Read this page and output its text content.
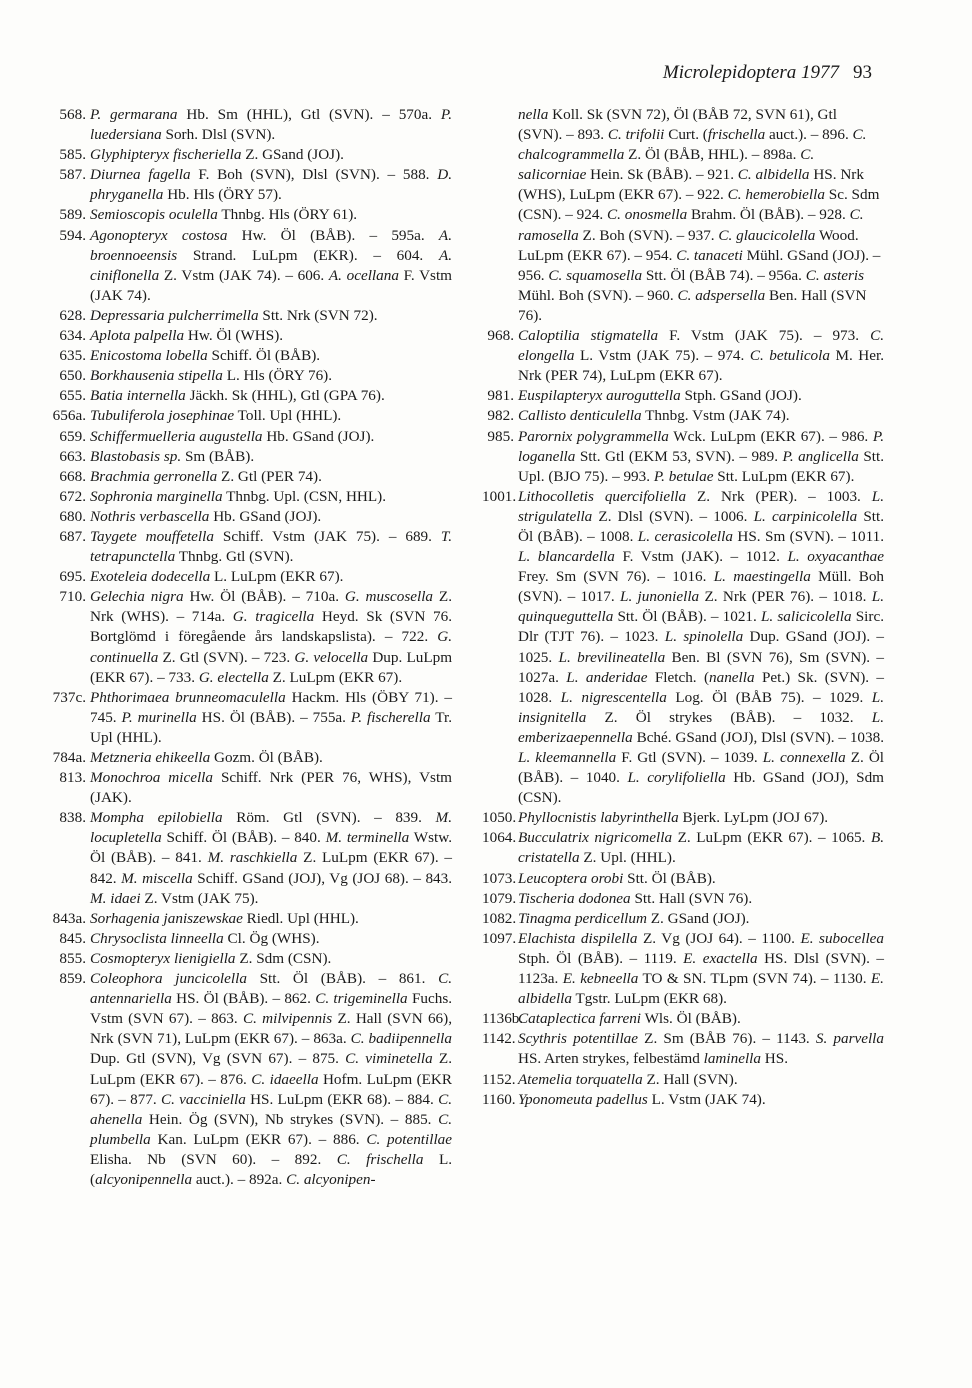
Microlepidoptera 1977 93
568. P. germarana Hb. Sm (HHL), Gtl (SVN). – 570a. P. luedersiana Sorh. Dlsl (SVN).
585. Glyphipteryx fischeriella Z. GSand (JOJ).
587. Diurnea fagella F. Boh (SVN), Dlsl (SVN). – 588. D. phryganella Hb. Hls (ÖRY 57).
589. Semioscopis oculella Thnbg. Hls (ÖRY 61).
594. Agonopteryx costosa Hw. Öl (BÅB). – 595a. A. broennoeensis Strand. LuLpm (EKR). – 604. A. ciniflonella Z. Vstm (JAK 74). – 606. A. ocellana F. Vstm (JAK 74).
628. Depressaria pulcherrimella Stt. Nrk (SVN 72).
634. Aplota palpella Hw. Öl (WHS).
635. Enicostoma lobella Schiff. Öl (BÅB).
650. Borkhausenia stipella L. Hls (ÖRY 76).
655. Batia internella Jäckh. Sk (HHL), Gtl (GPA 76).
656a. Tubuliferola josephinae Toll. Upl (HHL).
659. Schiffermuelleria augustella Hb. GSand (JOJ).
663. Blastobasis sp. Sm (BÅB).
668. Brachmia gerronella Z. Gtl (PER 74).
672. Sophronia marginella Thnbg. Upl. (CSN, HHL).
680. Nothris verbascella Hb. GSand (JOJ).
687. Taygete mouffetella Schiff. Vstm (JAK 75). – 689. T. tetrapunctella Thnbg. Gtl (SVN).
695. Exoteleia dodecella L. LuLpm (EKR 67).
710. Gelechia nigra Hw. Öl (BÅB). – 710a. G. muscosella Z. Nrk (WHS). – 714a. G. tragicella Heyd. Sk (SVN 76. Bortglömd i föregående års landskapslista). – 722. G. continuella Z. Gtl (SVN). – 723. G. velocella Dup. LuLpm (EKR 67). – 733. G. electella Z. LuLpm (EKR 67).
737c. Phthorimaea brunneomaculella Hackm. Hls (ÖBY 71). – 745. P. murinella HS. Öl (BÅB). – 755a. P. fischerella Tr. Upl (HHL).
784a. Metzneria ehikeella Gozm. Öl (BÅB).
813. Monochroa micella Schiff. Nrk (PER 76, WHS), Vstm (JAK).
838. Mompha epilobiella Röm. Gtl (SVN). – 839. M. locupletella Schiff. Öl (BÅB). – 840. M. terminella Wstw. Öl (BÅB). – 841. M. raschkiella Z. LuLpm (EKR 67). – 842. M. miscella Schiff. GSand (JOJ), Vg (JOJ 68). – 843. M. idaei Z. Vstm (JAK 75).
843a. Sorhagenia janiszewskae Riedl. Upl (HHL).
845. Chrysoclista linneella Cl. Ög (WHS).
855. Cosmopteryx lienigiella Z. Sdm (CSN).
859. Coleophora juncicolella Stt. Öl (BÅB). – 861. C. antennariella HS. Öl (BÅB). – 862. C. trigeminella Fuchs. Vstm (SVN 67). – 863. C. milvipennis Z. Hall (SVN 66), Nrk (SVN 71), LuLpm (EKR 67). – 863a. C. badiipennella Dup. Gtl (SVN), Vg (SVN 67). – 875. C. viminetella Z. LuLpm (EKR 67). – 876. C. idaeella Hofm. LuLpm (EKR 67). – 877. C. vacciniella HS. LuLpm (EKR 68). – 884. C. ahenella Hein. Ög (SVN), Nb strykes (SVN). – 885. C. plumbella Kan. LuLpm (EKR 67). – 886. C. potentillae Elisha. Nb (SVN 60). – 892. C. frischella L. (alcyonipennella auct.). – 892a. C. alcyonipen-
nella Koll. Sk (SVN 72), Öl (BÅB 72, SVN 61), Gtl (SVN). – 893. C. trifolii Curt. (frischella auct.). – 896. C. chalcogrammella Z. Öl (BÅB, HHL). – 898a. C. salicorniae Hein. Sk (BÅB). – 921. C. albidella HS. Nrk (WHS), LuLpm (EKR 67). – 922. C. hemerobiella Sc. Sdm (CSN). – 924. C. onosmella Brahm. Öl (BÅB). – 928. C. ramosella Z. Boh (SVN). – 937. C. glaucicolella Wood. LuLpm (EKR 67). – 954. C. tanaceti Mühl. GSand (JOJ). – 956. C. squamosella Stt. Öl (BÅB 74). – 956a. C. asteris Mühl. Boh (SVN). – 960. C. adspersella Ben. Hall (SVN 76).
968. Caloptilia stigmatella F. Vstm (JAK 75). – 973. C. elongella L. Vstm (JAK 75). – 974. C. betulicola M. Her. Nrk (PER 74), LuLpm (EKR 67).
981. Euspilapteryx auroguttella Stph. GSand (JOJ).
982. Callisto denticulella Thnbg. Vstm (JAK 74).
985. Parornix polygrammella Wck. LuLpm (EKR 67). – 986. P. loganella Stt. Gtl (EKM 53, SVN). – 989. P. anglicella Stt. Upl. (BJO 75). – 993. P. betulae Stt. LuLpm (EKR 67).
1001. Lithocolletis quercifoliella Z. Nrk (PER). – 1003. L. strigulatella Z. Dlsl (SVN). – 1006. L. carpinicolella Stt. Öl (BÅB). – 1008. L. cerasicolella HS. Sm (SVN). – 1011. L. blancardella F. Vstm (JAK). – 1012. L. oxyacanthae Frey. Sm (SVN 76). – 1016. L. maestingella Müll. Boh (SVN). – 1017. L. junoniella Z. Nrk (PER 76). – 1018. L. quinqueguttella Stt. Öl (BÅB). – 1021. L. salicicolella Sirc. Dlr (TJT 76). – 1023. L. spinolella Dup. GSand (JOJ). – 1025. L. brevilineatella Ben. Bl (SVN 76), Sm (SVN). – 1027a. L. anderidae Fletch. (nanella Pet.) Sk. (SVN). – 1028. L. nigrescentella Log. Öl (BÅB 75). – 1029. L. insignitella Z. Öl strykes (BÅB). – 1032. L. emberizaepennella Bché. GSand (JOJ), Dlsl (SVN). – 1038. L. kleemannella F. Gtl (SVN). – 1039. L. connexella Z. Öl (BÅB). – 1040. L. corylifoliella Hb. GSand (JOJ), Sdm (CSN).
1050. Phyllocnistis labyrinthella Bjerk. LyLpm (JOJ 67).
1064. Bucculatrix nigricomella Z. LuLpm (EKR 67). – 1065. B. cristatella Z. Upl. (HHL).
1073. Leucoptera orobi Stt. Öl (BÅB).
1079. Tischeria dodonea Stt. Hall (SVN 76).
1082. Tinagma perdicellum Z. GSand (JOJ).
1097. Elachista dispilella Z. Vg (JOJ 64). – 1100. E. subocellea Stph. Öl (BÅB). – 1119. E. exactella HS. Dlsl (SVN). – 1123a. E. kebneella TO & SN. TLpm (SVN 74). – 1130. E. albidella Tgstr. LuLpm (EKR 68).
1136b.
Cataplectica farreni Wls. Öl (BÅB).
1142. Scythris potentillae Z. Sm (BÅB 76). – 1143. S. parvella HS. Arten strykes, felbestämd laminella HS.
1152. Atemelia torquatella Z. Hall (SVN).
1160. Yponomeuta padellus L. Vstm (JAK 74).
